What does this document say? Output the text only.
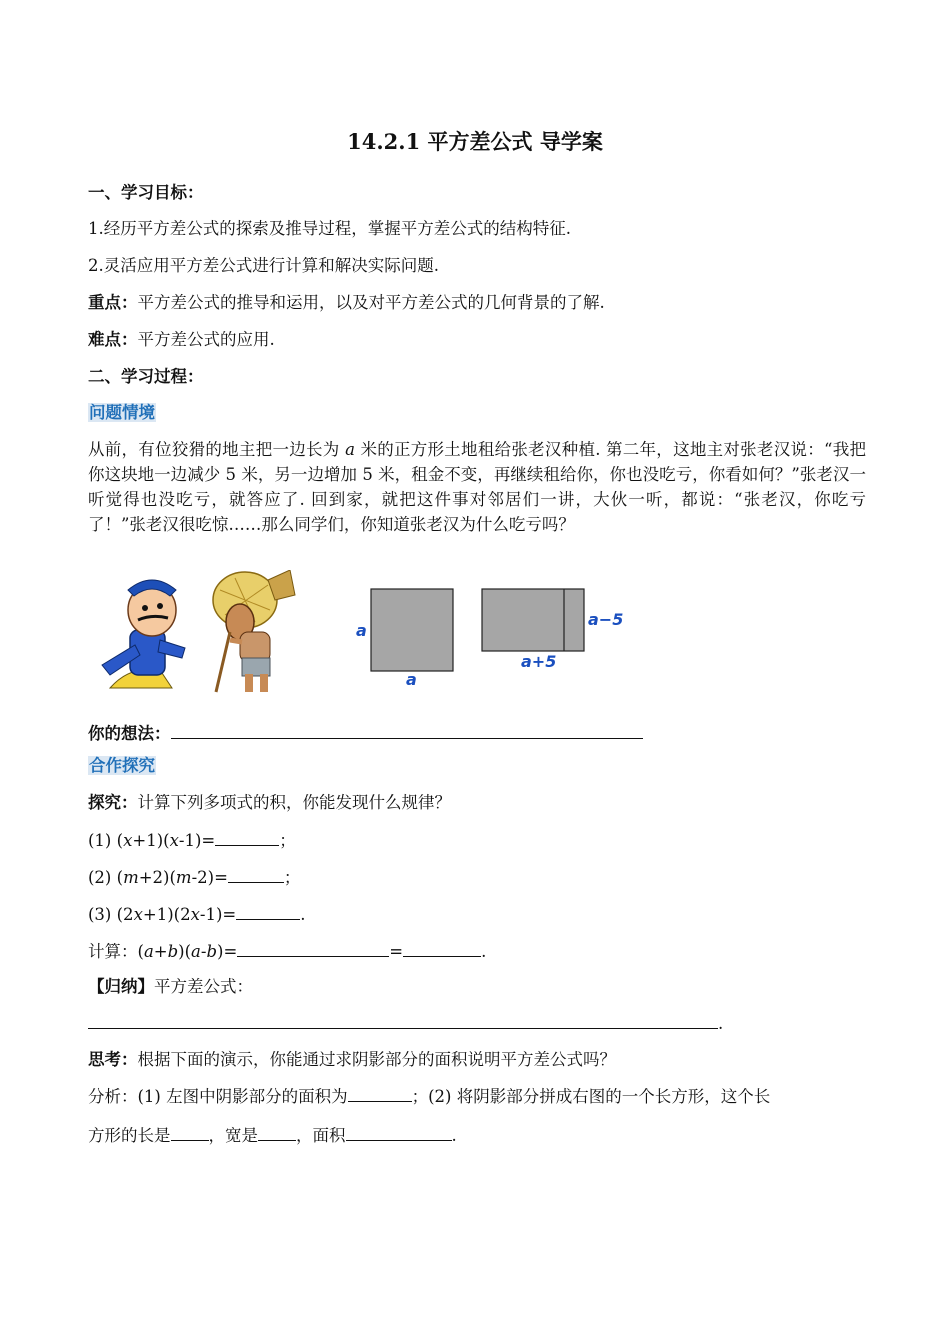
14.2.1 平方差公式 导学案
一、学习目标：
1.经历平方差公式的探索及推导过程，掌握平方差公式的结构特征.
2.灵活应用平方差公式进行计算和解决实际问题.
重点：平方差公式的推导和运用，以及对平方差公式的几何背景的了解.
难点：平方差公式的应用.
二、学习过程：
问题情境
从前，有位狡猾的地主把一边长为 a 米的正方形土地租给张老汉种植. 第二年，这地主对张老汉说：“我把你这块地一边减少 5 米，另一边增加 5 米，租金不变，再继续租给你，你也没吃亏，你看如何？”张老汉一听觉得也没吃亏，就答应了. 回到家，就把这件事对邻居们一讲，大伙一听，都说：“张老汉，你吃亏了！”张老汉很吃惊……那么同学们，你知道张老汉为什么吃亏吗？
a
a
a−5
a+5
你的想法：
合作探究
探究：计算下列多项式的积，你能发现什么规律？
(1) (x+1)(x-1)=	；
(2) (m+2)(m-2)=	；
(3) (2x+1)(2x-1)=	.
计算：(a+b)(a-b)=	=	.
【归纳】平方差公式：
.
思考：根据下面的演示，你能通过求阴影部分的面积说明平方差公式吗？
分析：(1) 左图中阴影部分的面积为	；(2) 将阴影部分拼成右图的一个长方形，这个长
方形的长是 ，宽是 ，面积	.
